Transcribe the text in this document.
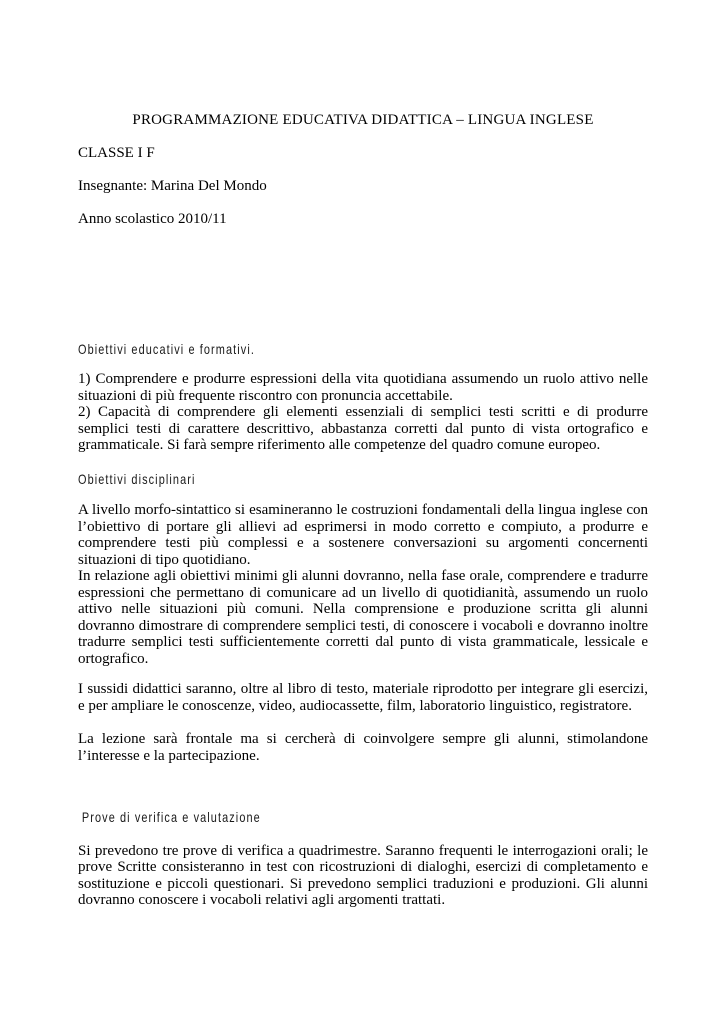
PROGRAMMAZIONE EDUCATIVA DIDATTICA – LINGUA INGLESE

CLASSE I F

Insegnante: Marina Del Mondo

Anno scolastico 2010/11

Obiettivi educativi e formativi.

1) Comprendere e produrre espressioni della vita quotidiana assumendo un ruolo attivo nelle situazioni di più frequente riscontro con pronuncia accettabile.

2) Capacità di comprendere gli elementi essenziali di semplici testi scritti e di produrre semplici testi di carattere descrittivo, abbastanza corretti dal punto di vista ortografico e grammaticale. Si farà sempre riferimento alle competenze del quadro comune europeo.

Obiettivi disciplinari

A livello morfo-sintattico si esamineranno le costruzioni fondamentali della lingua inglese con l’obiettivo di portare gli allievi ad esprimersi in modo corretto e compiuto, a produrre e comprendere testi più complessi e a sostenere conversazioni su argomenti concernenti situazioni di tipo quotidiano.

In relazione agli obiettivi minimi gli alunni dovranno, nella fase orale, comprendere e tradurre espressioni che permettano di comunicare ad un livello di quotidianità, assumendo un ruolo attivo nelle situazioni più comuni. Nella comprensione e produzione scritta gli alunni dovranno dimostrare di comprendere semplici testi, di conoscere i vocaboli e dovranno inoltre tradurre semplici testi sufficientemente corretti dal punto di vista grammaticale, lessicale e ortografico.

I sussidi didattici saranno, oltre al libro di testo, materiale riprodotto per integrare gli esercizi, e per ampliare le conoscenze, video, audiocassette, film, laboratorio linguistico, registratore.

La lezione sarà frontale ma si cercherà di coinvolgere sempre gli alunni, stimolandone l’interesse e la partecipazione.

Prove di verifica e valutazione

Si prevedono tre prove di verifica a quadrimestre. Saranno frequenti le interrogazioni orali; le prove Scritte consisteranno in test con ricostruzioni di dialoghi, esercizi di completamento e sostituzione e piccoli questionari. Si prevedono semplici traduzioni e produzioni. Gli alunni dovranno conoscere i vocaboli relativi agli argomenti trattati.
